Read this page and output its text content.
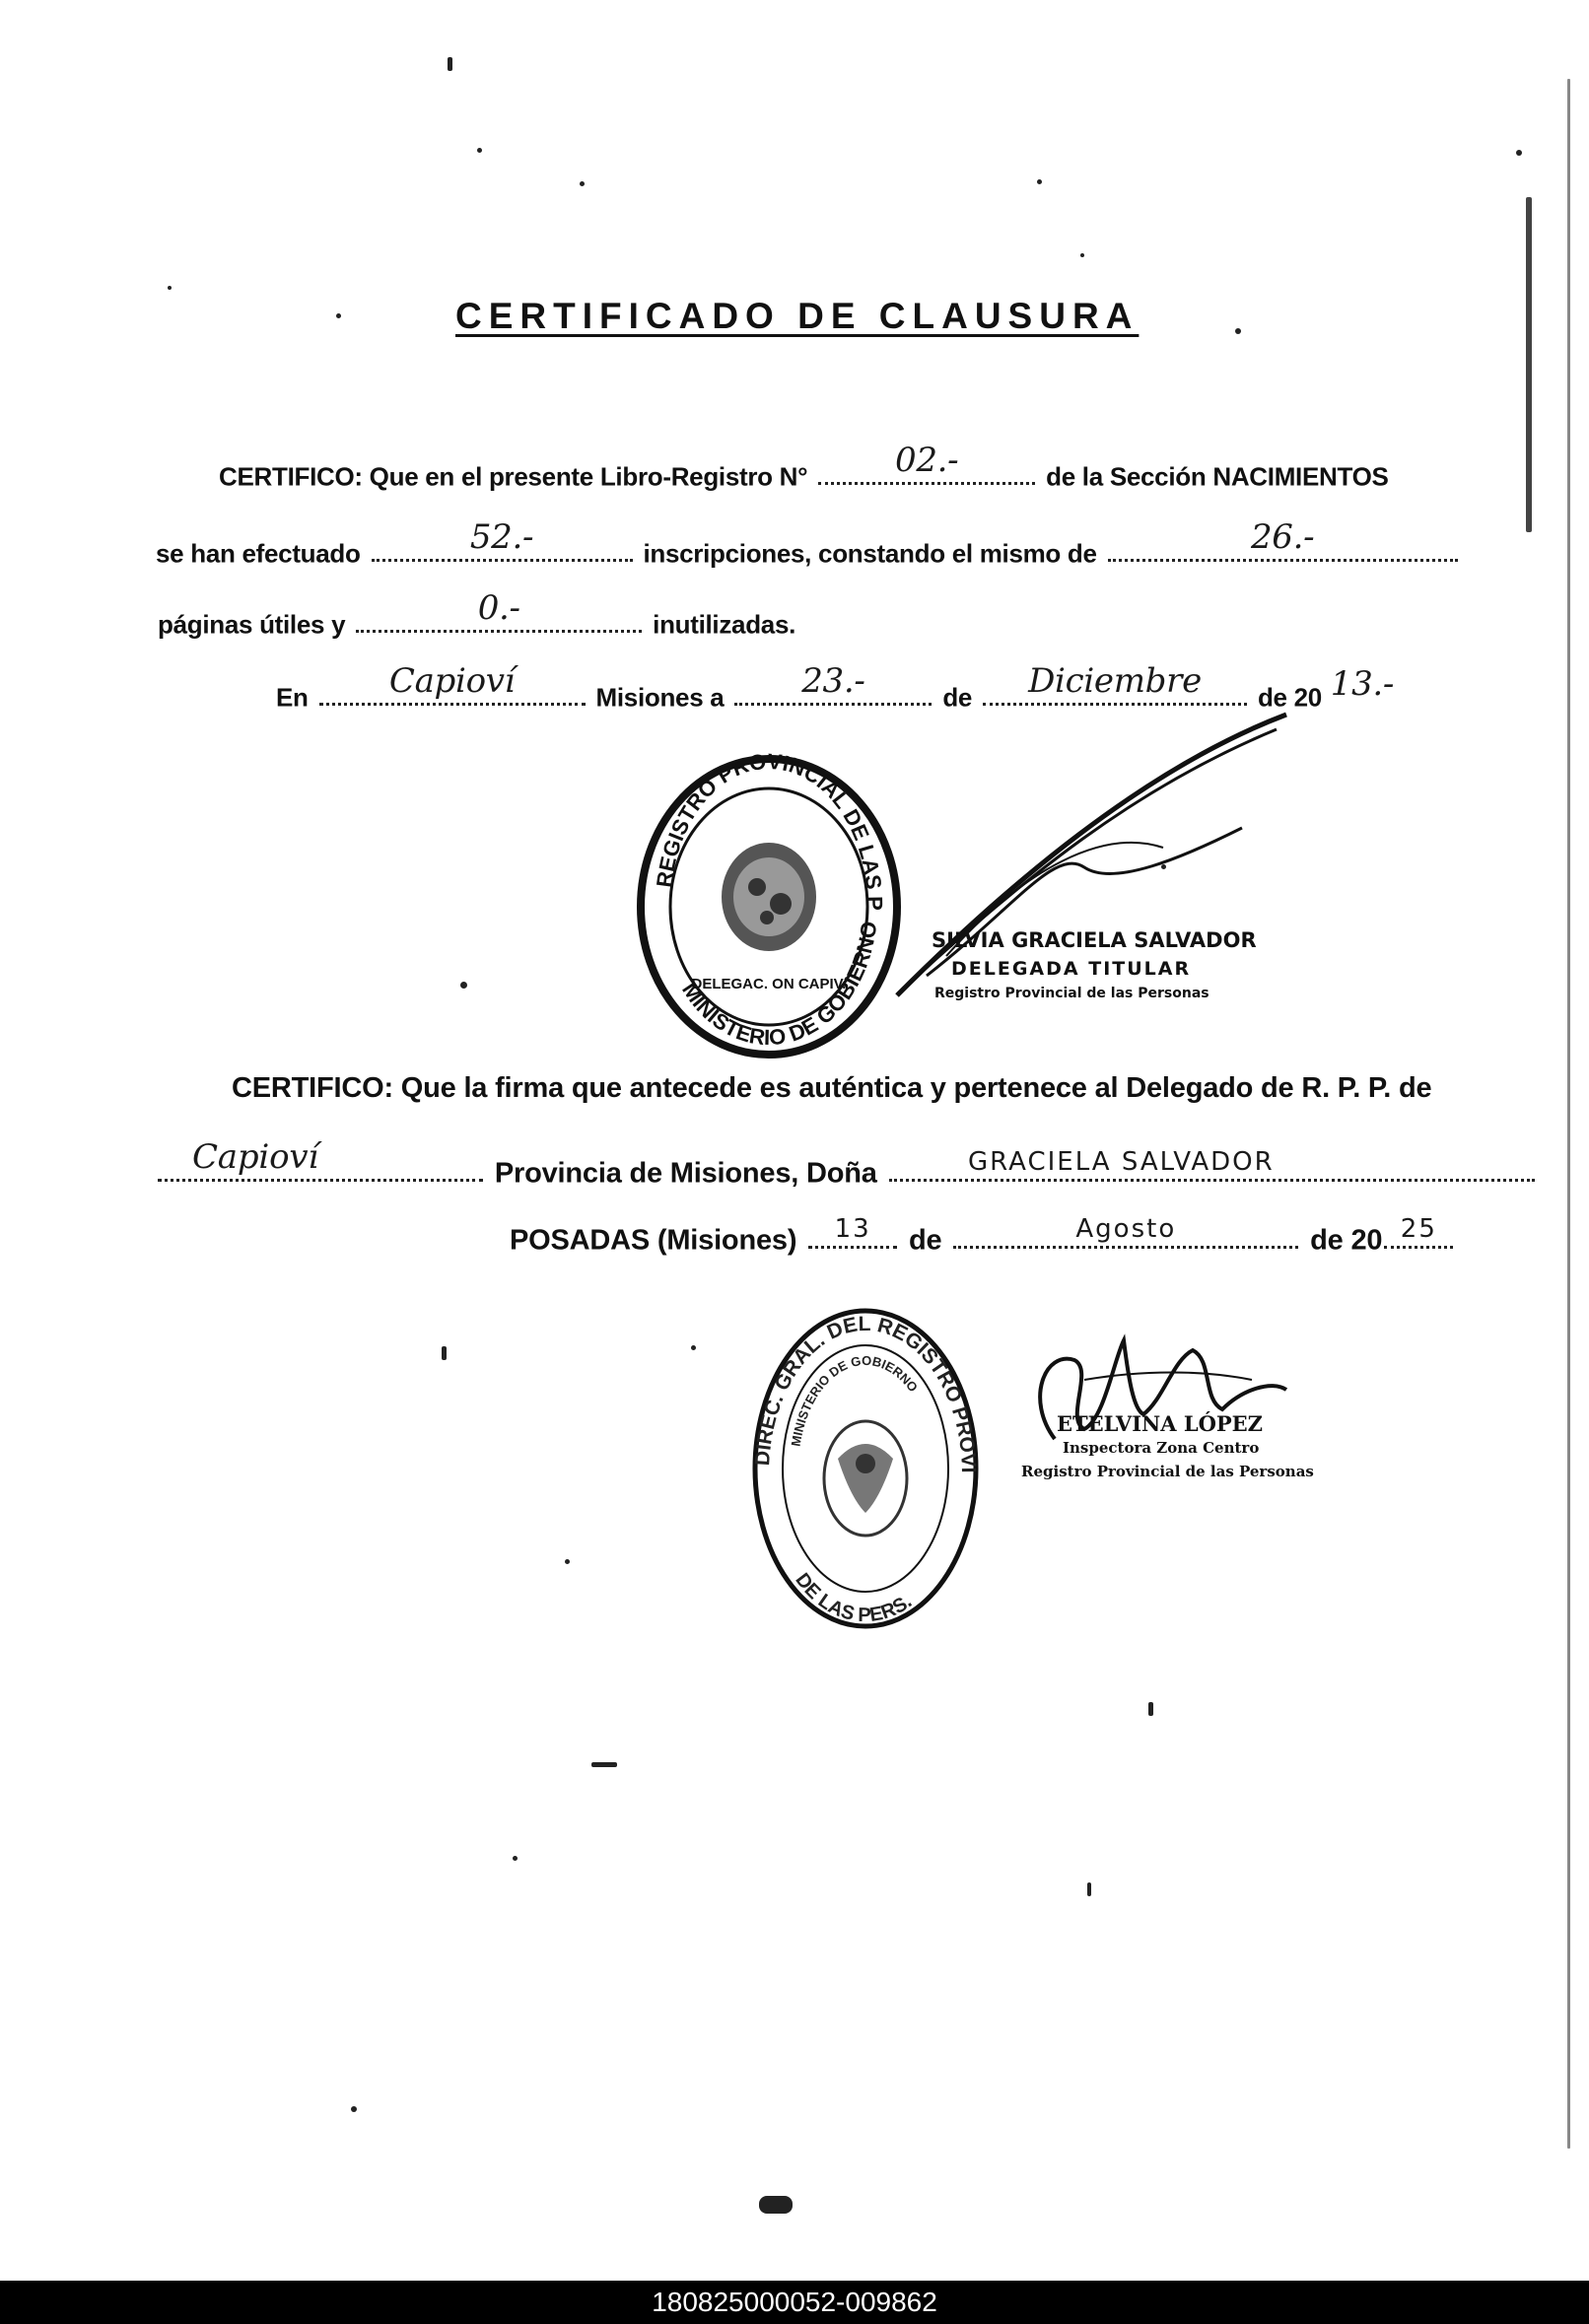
CERTIFICADO DE CLAUSURA
CERTIFICO: Que en el presente Libro-Registro N°	02.-	de la Sección NACIMIENTOS
se han efectuado	52.-	inscripciones, constando el mismo de	26.-
páginas útiles y	0.-	inutilizadas.
En Capioví	Misiones a 23.-	de Diciembre de 20 13.-
REGISTRO PROVINCIAL DE LAS PERSONAS
DELEGAC. ON CAPIV.
MINISTERIO DE GOBIERNO SILVIA GRACIELA SALVADOR
DELEGADA TITULAR
Registro Provincial de las Personas
CERTIFICO: Que la firma que antecede es auténtica y pertenece al Delegado de R. P. P. de
Capioví	Provincia de Misiones, Doña	GRACIELA SALVADOR
POSADAS (Misiones) 13 de	Agosto	de 20 25
DIREC. GRAL. DEL REGISTRO PROVINCIAL
MINISTERIO DE GOBIERNO
DE LAS PERS.
ETELVINA LÓPEZ
Inspectora Zona Centro
Registro Provincial de las Personas
180825000052-009862
